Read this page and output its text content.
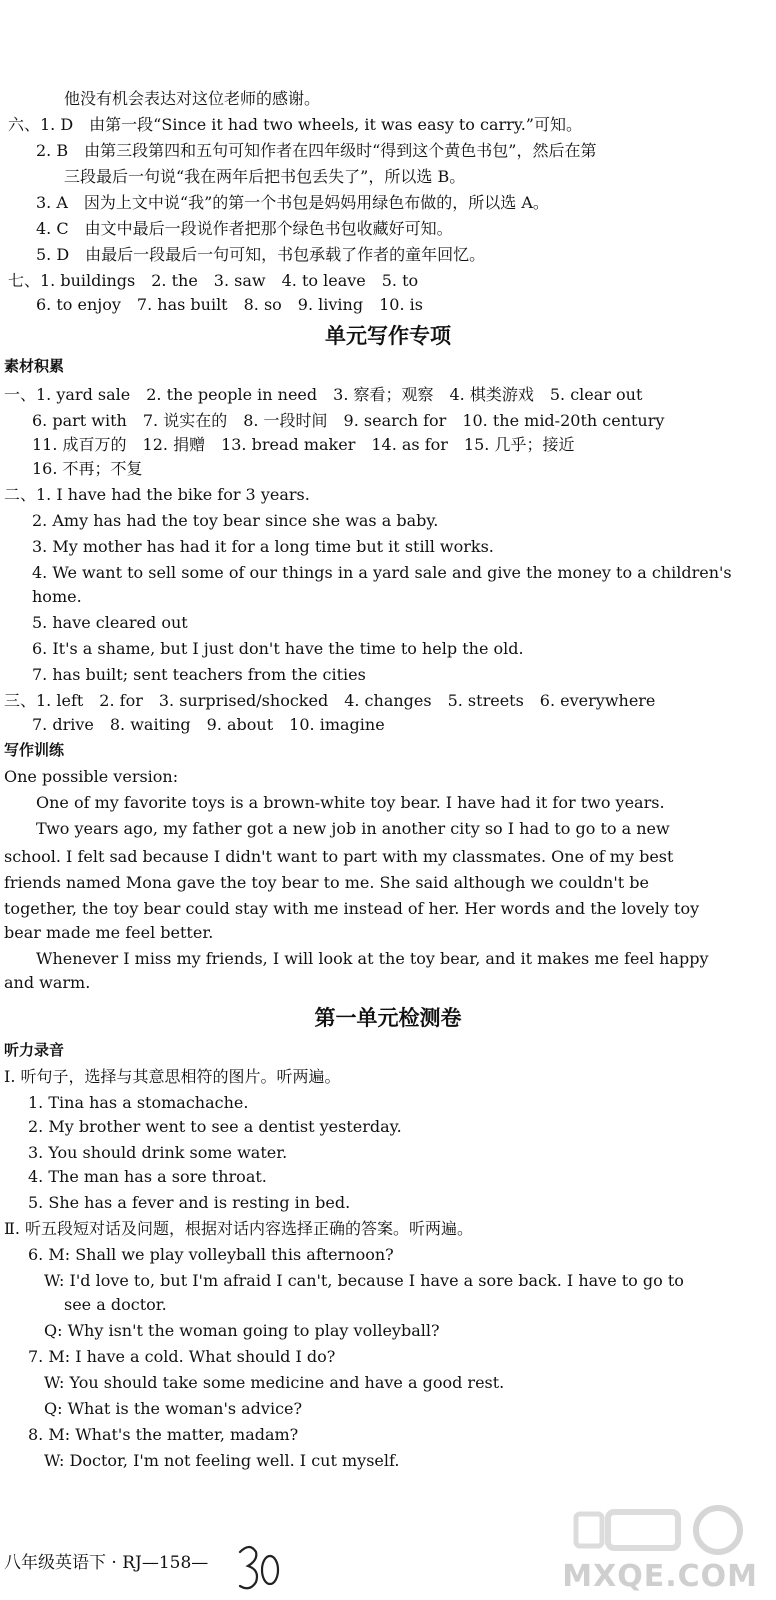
他没有机会表达对这位老师的感谢。
六、1. D　由第一段“Since it had two wheels, it was easy to carry.”可知。
2. B　由第三段第四和五句可知作者在四年级时“得到这个黄色书包”，然后在第
三段最后一句说“我在两年后把书包丢失了”，所以选 B。
3. A　因为上文中说“我”的第一个书包是妈妈用绿色布做的，所以选 A。
4. C　由文中最后一段说作者把那个绿色书包收藏好可知。
5. D　由最后一段最后一句可知，书包承载了作者的童年回忆。
七、1. buildings　2. the　3. saw　4. to leave　5. to
6. to enjoy　7. has built　8. so　9. living　10. is
单元写作专项
素材积累
一、1. yard sale　2. the people in need　3. 察看；观察　4. 棋类游戏　5. clear out
6. part with　7. 说实在的　8. 一段时间　9. search for　10. the mid-20th century
11. 成百万的　12. 捐赠　13. bread maker　14. as for　15. 几乎；接近
16. 不再；不复
二、1. I have had the bike for 3 years.
2. Amy has had the toy bear since she was a baby.
3. My mother has had it for a long time but it still works.
4. We want to sell some of our things in a yard sale and give the money to a children's
home.
5. have cleared out
6. It's a shame, but I just don't have the time to help the old.
7. has built; sent teachers from the cities
三、1. left　2. for　3. surprised/shocked　4. changes　5. streets　6. everywhere
7. drive　8. waiting　9. about　10. imagine
写作训练
One possible version:
One of my favorite toys is a brown-white toy bear. I have had it for two years.
Two years ago, my father got a new job in another city so I had to go to a new
school. I felt sad because I didn't want to part with my classmates. One of my best
friends named Mona gave the toy bear to me. She said although we couldn't be
together, the toy bear could stay with me instead of her. Her words and the lovely toy
bear made me feel better.
Whenever I miss my friends, I will look at the toy bear, and it makes me feel happy
and warm.
第一单元检测卷
听力录音
Ⅰ. 听句子，选择与其意思相符的图片。听两遍。
1. Tina has a stomachache.
2. My brother went to see a dentist yesterday.
3. You should drink some water.
4. The man has a sore throat.
5. She has a fever and is resting in bed.
Ⅱ. 听五段短对话及问题，根据对话内容选择正确的答案。听两遍。
6. M: Shall we play volleyball this afternoon?
W: I'd love to, but I'm afraid I can't, because I have a sore back. I have to go to
see a doctor.
Q: Why isn't the woman going to play volleyball?
7. M: I have a cold. What should I do?
W: You should take some medicine and have a good rest.
Q: What is the woman's advice?
8. M: What's the matter, madam?
W: Doctor, I'm not feeling well. I cut myself.
八年级英语下 · RJ—158—	MXQE.COM
